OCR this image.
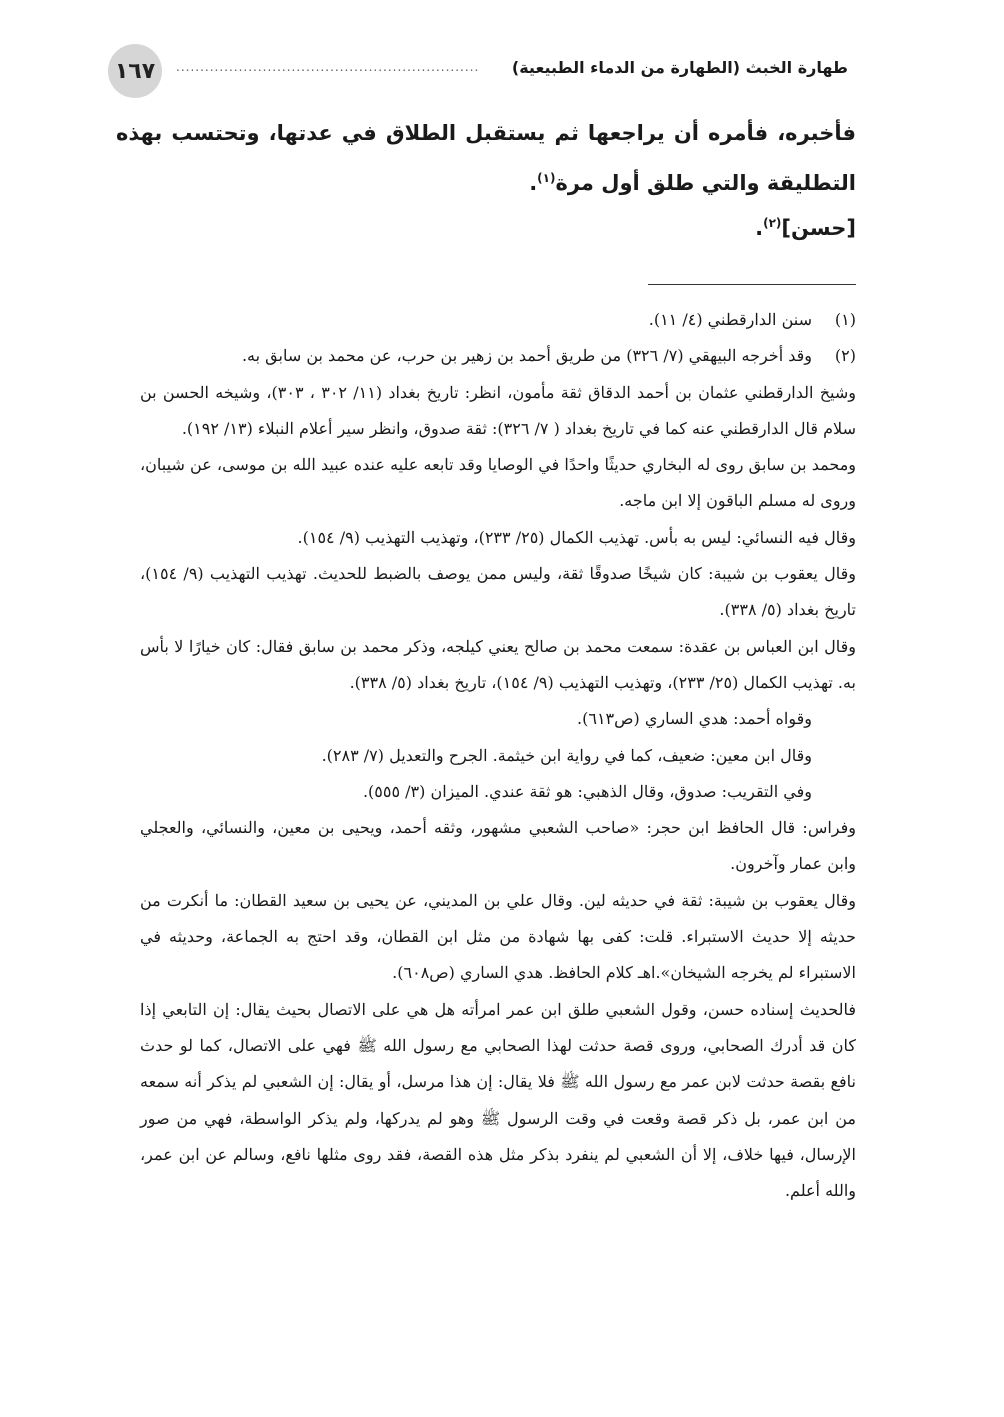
١٦٧	............................................................... طهارة الخبث (الطهارة من الدماء الطبيعية)

فأخبره، فأمره أن يراجعها ثم يستقبل الطلاق في عدتها، وتحتسب بهذه التطليقة والتي طلق أول مرة$^{(١)}$.

[حسن]$^{(٢)}$.
(١)
سنن الدارقطني (٤/ ١١).
(٢)
وقد أخرجه البيهقي (٧/ ٣٢٦) من طريق أحمد بن زهير بن حرب، عن محمد بن سابق به.

وشيخ الدارقطني عثمان بن أحمد الدقاق ثقة مأمون، انظر: تاريخ بغداد (١١/ ٣٠٢ ، ٣٠٣)، وشيخه الحسن بن سلام قال الدارقطني عنه كما في تاريخ بغداد ( ٧/ ٣٢٦): ثقة صدوق، وانظر سير أعلام النبلاء (١٣/ ١٩٢).

ومحمد بن سابق روى له البخاري حديثًا واحدًا في الوصايا وقد تابعه عليه عنده عبيد الله بن موسى، عن شيبان، وروى له مسلم الباقون إلا ابن ماجه.

وقال فيه النسائي: ليس به بأس. تهذيب الكمال (٢٥/ ٢٣٣)، وتهذيب التهذيب (٩/ ١٥٤).

وقال يعقوب بن شيبة: كان شيخًا صدوقًا ثقة، وليس ممن يوصف بالضبط للحديث. تهذيب التهذيب (٩/ ١٥٤)، تاريخ بغداد (٥/ ٣٣٨).

وقال ابن العباس بن عقدة: سمعت محمد بن صالح يعني كيلجه، وذكر محمد بن سابق فقال: كان خيارًا لا بأس به. تهذيب الكمال (٢٥/ ٢٣٣)، وتهذيب التهذيب (٩/ ١٥٤)، تاريخ بغداد (٥/ ٣٣٨).

وقواه أحمد: هدي الساري (ص٦١٣).

وقال ابن معين: ضعيف، كما في رواية ابن خيثمة. الجرح والتعديل (٧/ ٢٨٣).

وفي التقريب: صدوق، وقال الذهبي: هو ثقة عندي. الميزان (٣/ ٥٥٥).

وفراس: قال الحافظ ابن حجر: «صاحب الشعبي مشهور، وثقه أحمد، ويحيى بن معين، والنسائي، والعجلي وابن عمار وآخرون.

وقال يعقوب بن شيبة: ثقة في حديثه لين. وقال علي بن المديني، عن يحيى بن سعيد القطان: ما أنكرت من حديثه إلا حديث الاستبراء. قلت: كفى بها شهادة من مثل ابن القطان، وقد احتج به الجماعة، وحديثه في الاستبراء لم يخرجه الشيخان».اهـ كلام الحافظ. هدي الساري (ص٦٠٨).

فالحديث إسناده حسن، وقول الشعبي طلق ابن عمر امرأته هل هي على الاتصال بحيث يقال: إن التابعي إذا كان قد أدرك الصحابي، وروى قصة حدثت لهذا الصحابي مع رسول الله ﷺ فهي على الاتصال، كما لو حدث نافع بقصة حدثت لابن عمر مع رسول الله ﷺ فلا يقال: إن هذا مرسل، أو يقال: إن الشعبي لم يذكر أنه سمعه من ابن عمر، بل ذكر قصة وقعت في وقت الرسول ﷺ وهو لم يدركها، ولم يذكر الواسطة، فهي من صور الإرسال، فيها خلاف، إلا أن الشعبي لم ينفرد بذكر مثل هذه القصة، فقد روى مثلها نافع، وسالم عن ابن عمر، والله أعلم.
